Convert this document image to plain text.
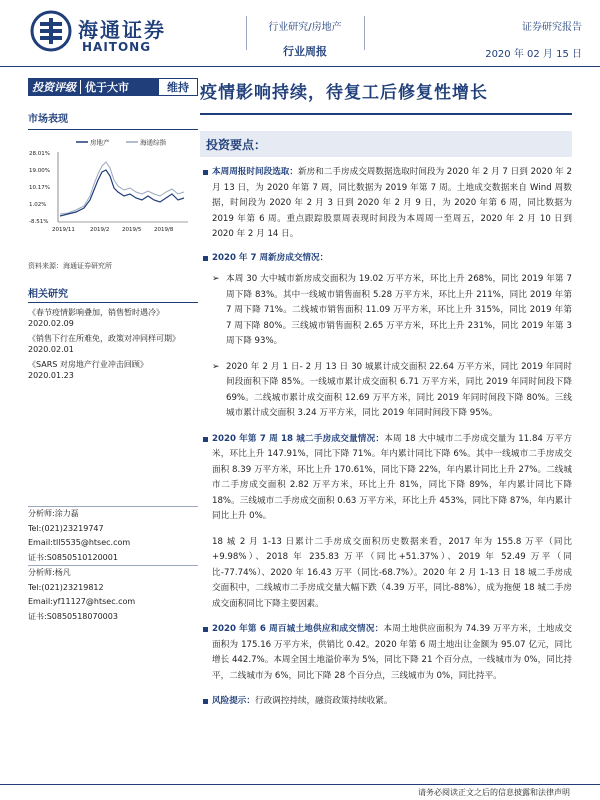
海通证券
HAITONG
行业研究/房地产
行业周报
证券研究报告
2020 年 02 月 15 日
投资评级 优于大市	维持
市场表现
房地产	海通综指
28.01%
19.00%
10.17%
1.02%
-8.51%
2019/11	2019/2 2019/5 2019/8
资料来源：海通证券研究所
相关研究
《春节疫情影响叠加，销售暂时遇冷》
2020.02.09
《销售下行在所难免，政策对冲同样可期》
2020.02.01
《SARS 对房地产行业冲击回顾》
2020.01.23
分析师:涂力磊
Tel:(021)23219747
Email:tll5535@htsec.com
证书:S0850510120001
分析师:杨凡
Tel:(021)23219812
Email:yf11127@htsec.com
证书:S0850518070003
疫情影响持续，待复工后修复性增长
投资要点：
本周周报时间段选取：新房和二手房成交周数据选取时间段为 2020 年 2 月 7 日到 2020 年 2 月 13 日，为 2020 年第 7 周，同比数据为 2019 年第 7 周。土地成交数据来自 Wind 周数据，时间段为 2020 年 2 月 3 日到 2020 年 2 月 9 日，为 2020 年第 6 周，同比数据为 2019 年第 6 周。重点跟踪股票周表现时间段为本周周一至周五，2020 年 2 月 10 日到 2020 年 2 月 14 日。
2020 年 7 周新房成交情况：
➢ 本周 30 大中城市新房成交面积为 19.02 万平方米，环比上升 268%，同比 2019 年第 7 周下降 83%。其中一线城市销售面积 5.28 万平方米，环比上升 211%，同比 2019 年第 7 周下降 71%。二线城市销售面积 11.09 万平方米，环比上升 315%，同比 2019 年第 7 周下降 80%。三线城市销售面积 2.65 万平方米，环比上升 231%，同比 2019 年第 3 周下降 93%。
➢ 2020 年 2 月 1 日- 2 月 13 日 30 城累计成交面积 22.64 万平方米，同比 2019 年同时间段面积下降 85%。一线城市累计成交面积 6.71 万平方米，同比 2019 年同时间段下降 69%。二线城市累计成交面积 12.69 万平方米，同比 2019 年同时间段下降 80%。三线城市累计成交面积 3.24 万平方米，同比 2019 年同时间段下降 95%。
2020 年第 7 周 18 城二手房成交量情况：本周 18 大中城市二手房成交量为 11.84 万平方米，环比上升 147.91%，同比下降 71%。年内累计同比下降 6%。其中一线城市二手房成交面积 8.39 万平方米，环比上升 170.61%，同比下降 22%，年内累计同比上升 27%。二线城市二手房成交面积 2.82 万平方米，环比上升 81%，同比下降 89%，年内累计同比下降 18%。三线城市二手房成交面积 0.63 万平方米，环比上升 453%，同比下降 87%，年内累计同比上升 0%。
18 城 2 月 1-13 日累计二手房成交面积历史数据来看，2017 年为 155.8 万平（同比+9.98%）、2018 年 235.83 万平（同比+51.37%）、2019 年 52.49 万平（同比-77.74%）、2020 年 16.43 万平（同比-68.7%）。2020 年 2 月 1-13 日 18 城二手房成交面积中，二线城市二手房成交量大幅下跌（4.39 万平，同比-88%），成为拖便 18 城二手房成交面积同比下降主要因素。
2020 年第 6 周百城土地供应和成交情况：本周土地供应面积为 74.39 万平方米，土地成交面积为 175.16 万平方米，供销比 0.42。2020 年第 6 周土地出让金额为 95.07 亿元，同比增长 442.7%。本周全国土地溢价率为 5%，同比下降 21 个百分点，一线城市为 0%，同比持平，二线城市为 6%，同比下降 28 个百分点，三线城市为 0%，同比持平。
风险提示：行政调控持续，融资政策持续收紧。
请务必阅读正文之后的信息披露和法律声明
